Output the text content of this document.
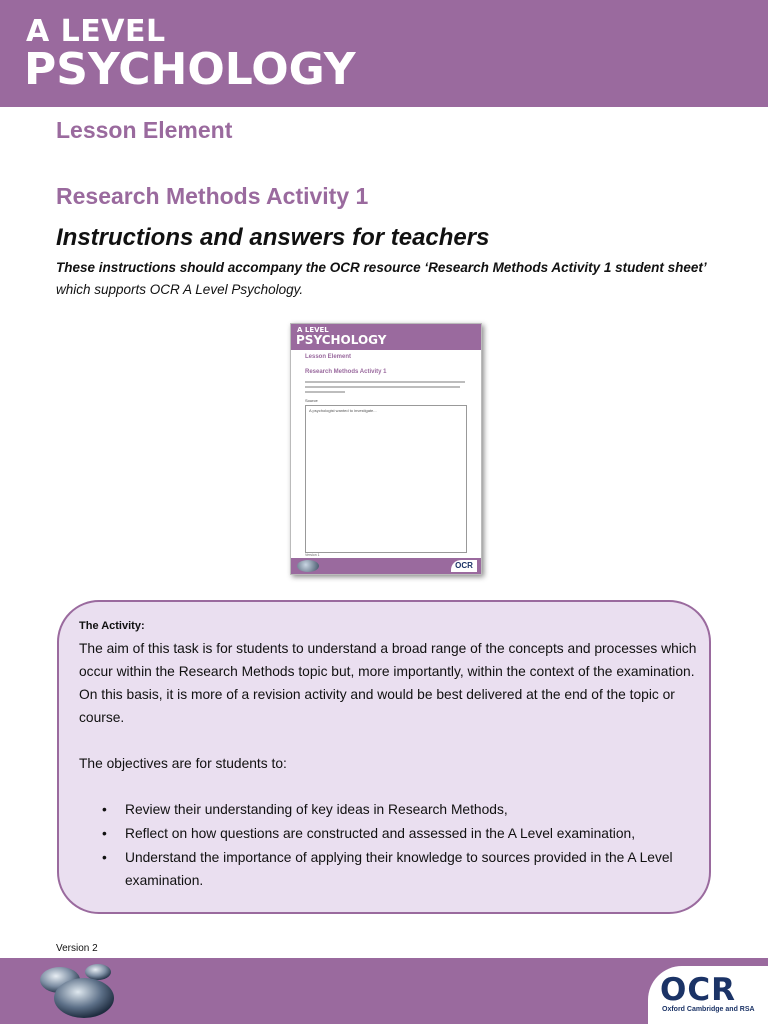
A LEVEL
PSYCHOLOGY
Lesson Element
Research Methods Activity 1
Instructions and answers for teachers
These instructions should accompany the OCR resource ‘Research Methods Activity 1 student sheet’ which supports OCR A Level Psychology.
A LEVEL
PSYCHOLOGY
Lesson Element
Research Methods Activity 1
Source
A psychologist wanted to investigate...
Version 1
OCR
The Activity:
The aim of this task is for students to understand a broad range of the concepts and processes which occur within the Research Methods topic but, more importantly, within the context of the examination. On this basis, it is more of a revision activity and would be best delivered at the end of the topic or course.
The objectives are for students to:
• Review their understanding of key ideas in Research Methods,
• Reflect on how questions are constructed and assessed in the A Level examination,
• Understand the importance of applying their knowledge to sources provided in the A Level examination.
Version 2
OCR
Oxford Cambridge and RSA
